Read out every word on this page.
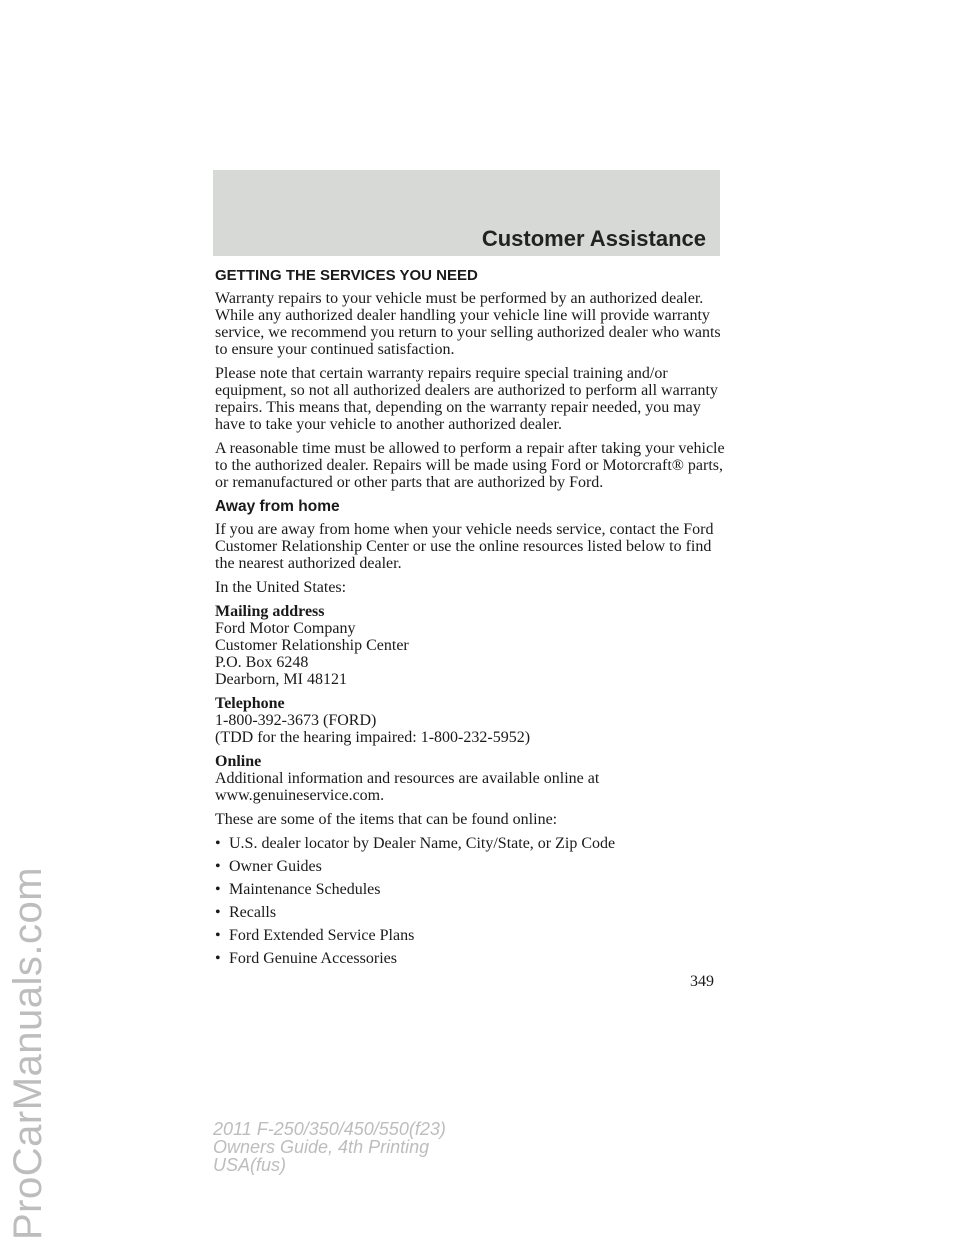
ProCarManuals.com
Customer Assistance
GETTING THE SERVICES YOU NEED

Warranty repairs to your vehicle must be performed by an authorized dealer. While any authorized dealer handling your vehicle line will provide warranty service, we recommend you return to your selling authorized dealer who wants to ensure your continued satisfaction.

Please note that certain warranty repairs require special training and/or equipment, so not all authorized dealers are authorized to perform all warranty repairs. This means that, depending on the warranty repair needed, you may have to take your vehicle to another authorized dealer.

A reasonable time must be allowed to perform a repair after taking your vehicle to the authorized dealer. Repairs will be made using Ford or Motorcraft® parts, or remanufactured or other parts that are authorized by Ford.

Away from home

If you are away from home when your vehicle needs service, contact the Ford Customer Relationship Center or use the online resources listed below to find the nearest authorized dealer.

In the United States:

Mailing address
Ford Motor Company
Customer Relationship Center
P.O. Box 6248
Dearborn, MI 48121
Telephone
1-800-392-3673 (FORD)
(TDD for the hearing impaired: 1-800-232-5952)
Online
Additional information and resources are available online at www.genuineservice.com.

These are some of the items that can be found online:

• U.S. dealer locator by Dealer Name, City/State, or Zip Code
• Owner Guides
• Maintenance Schedules
• Recalls
• Ford Extended Service Plans
• Ford Genuine Accessories
349
2011 F-250/350/450/550(f23)
Owners Guide, 4th Printing
USA(fus)
